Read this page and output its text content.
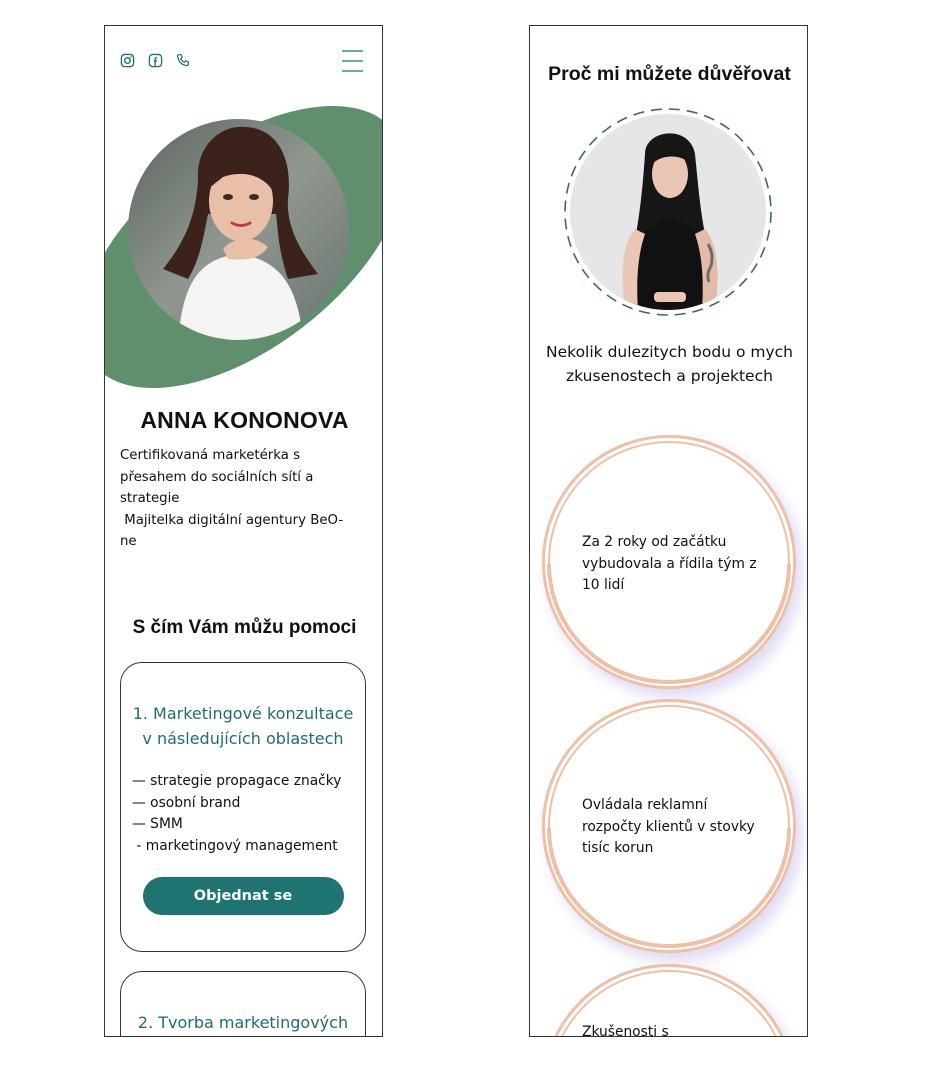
ANNA KONONOVA

Certifikovaná marketérka s

přesahem do sociálních sítí a

strategie

Majitelka digitální agentury BeO-

ne

S čím Vám můžu pomoci
1. Marketingové konzultace v následujících oblastech
— strategie propagace značky
— osobní brand
— SMM
- marketingový management
Objednat se
2. Tvorba marketingových
Proč mi můžete důvěřovat
Nekolik dulezitych bodu o mych zkusenostech a projektech
Za 2 roky od začátku vybudovala a řídila tým z 10 lidí
Ovládala reklamní rozpočty klientů v stovky tisíc korun
Zkušenosti s
